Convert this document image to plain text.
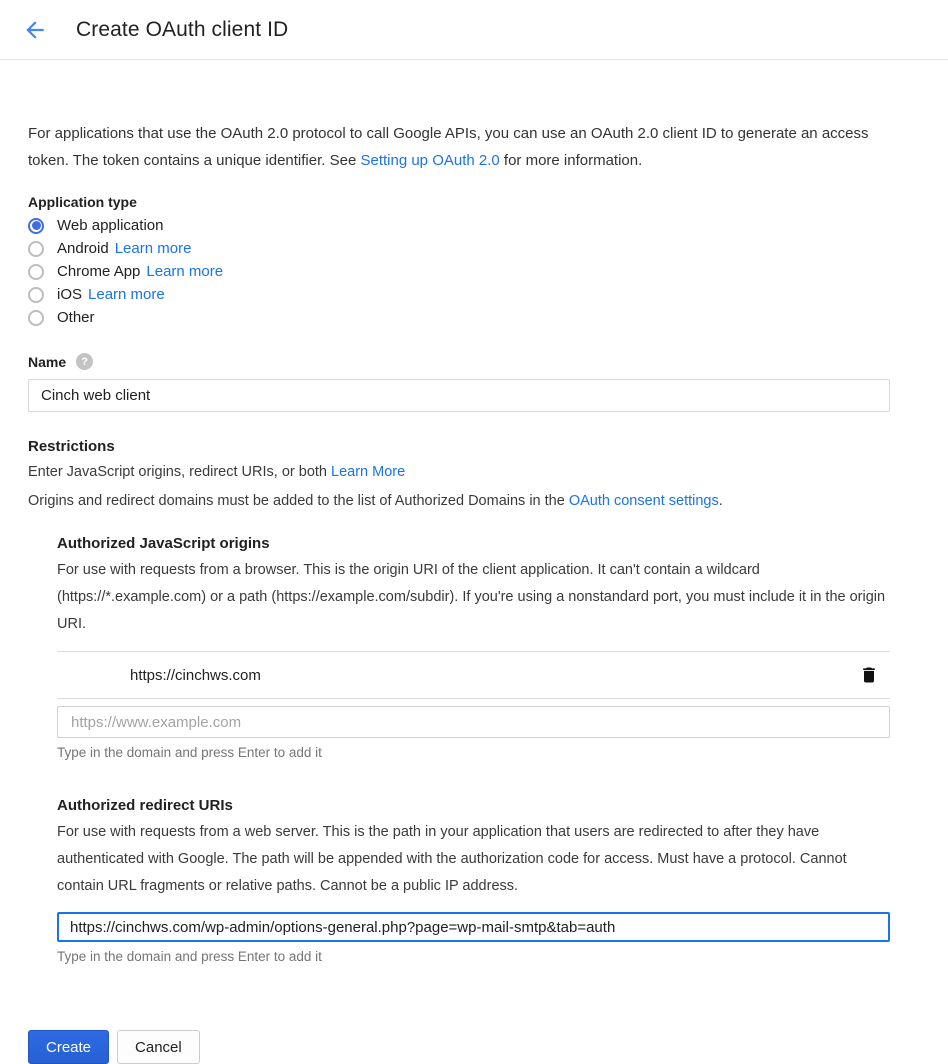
Create OAuth client ID

For applications that use the OAuth 2.0 protocol to call Google APIs, you can use an OAuth 2.0 client ID to generate an access token. The token contains a unique identifier. See Setting up OAuth 2.0 for more information.

Application type
Web application
Android Learn more
Chrome App Learn more
iOS Learn more
Other
Name	?
Cinch web client
Restrictions

Enter JavaScript origins, redirect URIs, or both Learn More

Origins and redirect domains must be added to the list of Authorized Domains in the OAuth consent settings.

Authorized JavaScript origins

For use with requests from a browser. This is the origin URI of the client application. It can't contain a wildcard (https://*.example.com) or a path (https://example.com/subdir). If you're using a nonstandard port, you must include it in the origin URI.

https://cinchws.com
https://www.example.com
Type in the domain and press Enter to add it
Authorized redirect URIs

For use with requests from a web server. This is the path in your application that users are redirected to after they have authenticated with Google. The path will be appended with the authorization code for access. Must have a protocol. Cannot contain URL fragments or relative paths. Cannot be a public IP address.

https://cinchws.com/wp-admin/options-general.php?page=wp-mail-smtp&tab=auth
Type in the domain and press Enter to add it
Create	Cancel
